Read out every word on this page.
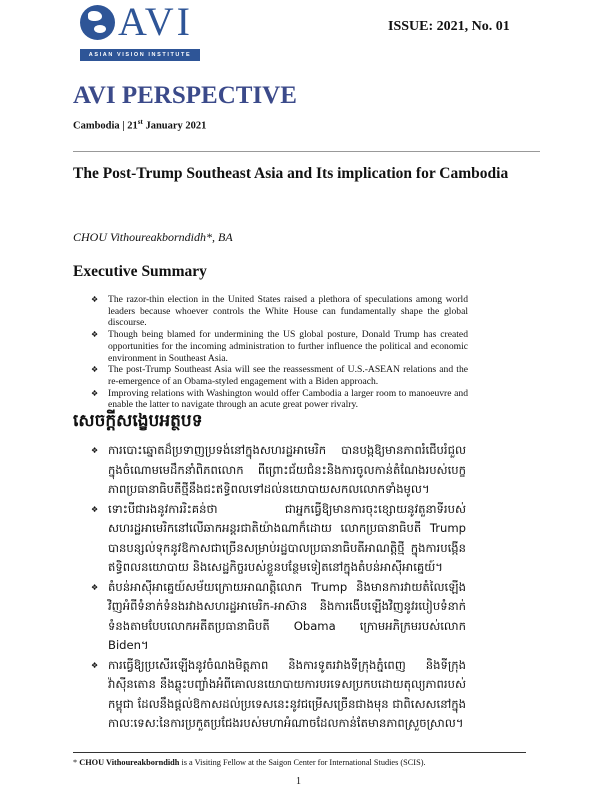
AVI
ASIAN VISION INSTITUTE
ISSUE: 2021, No. 01
AVI PERSPECTIVE
Cambodia | 21st January 2021
The Post-Trump Southeast Asia and Its implication for Cambodia
CHOU Vithoureakborndidh*, BA
Executive Summary
❖ The razor-thin election in the United States raised a plethora of speculations among world leaders because whoever controls the White House can fundamentally shape the global discourse.
❖ Though being blamed for undermining the US global posture, Donald Trump has created opportunities for the incoming administration to further influence the political and economic environment in Southeast Asia.
❖ The post-Trump Southeast Asia will see the reassessment of U.S.-ASEAN relations and the re-emergence of an Obama-styled engagement with a Biden approach.
❖ Improving relations with Washington would offer Cambodia a larger room to manoeuvre and enable the latter to navigate through an acute great power rivalry.
សេចក្តីសង្ខេបអត្ថបទ
❖ ការបោះឆ្នោតដ៏ប្រទាញប្រទង់នៅក្នុងសហរដ្ឋអាមេរិក បានបង្កឱ្យមានភាពរំជើបរំជួលក្នុងចំណោមមេដឹកនាំពិភពលោក ពីព្រោះជ័យជំនះនិងការចូលកាន់តំណែងរបស់បេក្ខភាពប្រធានាធិបតីថ្មីនឹងជះឥទ្ធិពលទៅដល់នយោបាយសកលលោកទាំងមូល។
❖ ទោះបីជារងនូវការរិះគន់ថា ជាអ្នកធ្វើឱ្យមានការចុះខ្សោយនូវតួនាទីរបស់សហរដ្ឋអាមេរិកនៅលើឆាកអន្តរជាតិយ៉ាងណាក៏ដោយ លោកប្រធានាធិបតី Trump បានបន្សល់ទុកនូវឱកាសជាច្រើនសម្រាប់រដ្ឋបាលប្រធានាធិបតីអាណត្តិថ្មី ក្នុងការបង្កើនឥទ្ធិពលនយោបាយ និងសេដ្ឋកិច្ចរបស់ខ្លួនបន្ថែមទៀតនៅក្នុងតំបន់អាស៊ីអាគ្នេយ៍។
❖ តំបន់អាស៊ីអាគ្នេយ៍សម័យក្រោយអាណត្តិលោក Trump និងមានការវាយតំលៃឡើងវិញអំពីទំនាក់ទំនងរវាងសហរដ្ឋអាមេរិក-អាស៊ាន និងការងើបឡើងវិញនូវរបៀបទំនាក់ទំនងតាមបែបលោកអតីតប្រធានាធិបតី Obama ក្រោមអភិក្រមរបស់លោក Biden។
❖ ការធ្វើឱ្យប្រសើរឡើងនូវចំណងមិត្តភាព និងការទូតរវាងទីក្រុងភ្នំពេញ និងទីក្រុងវ៉ាស៊ីនតោន នឹងឆ្លុះបញ្ចាំងអំពីគោលនយោបាយការបរទេសប្រកបដោយតុល្យភាពរបស់កម្ពុជា ដែលនឹងផ្តល់ឱកាសដល់ប្រទេសនេះនូវជម្រើសច្រើនជាងមុន ជាពិសេសនៅក្នុងកាលៈទេសៈនៃការប្រកួតប្រជែងរបស់មហាអំណាចដែលកាន់តែមានភាពស្រួចស្រាល។
* CHOU Vithoureakborndidh is a Visiting Fellow at the Saigon Center for International Studies (SCIS).
1
